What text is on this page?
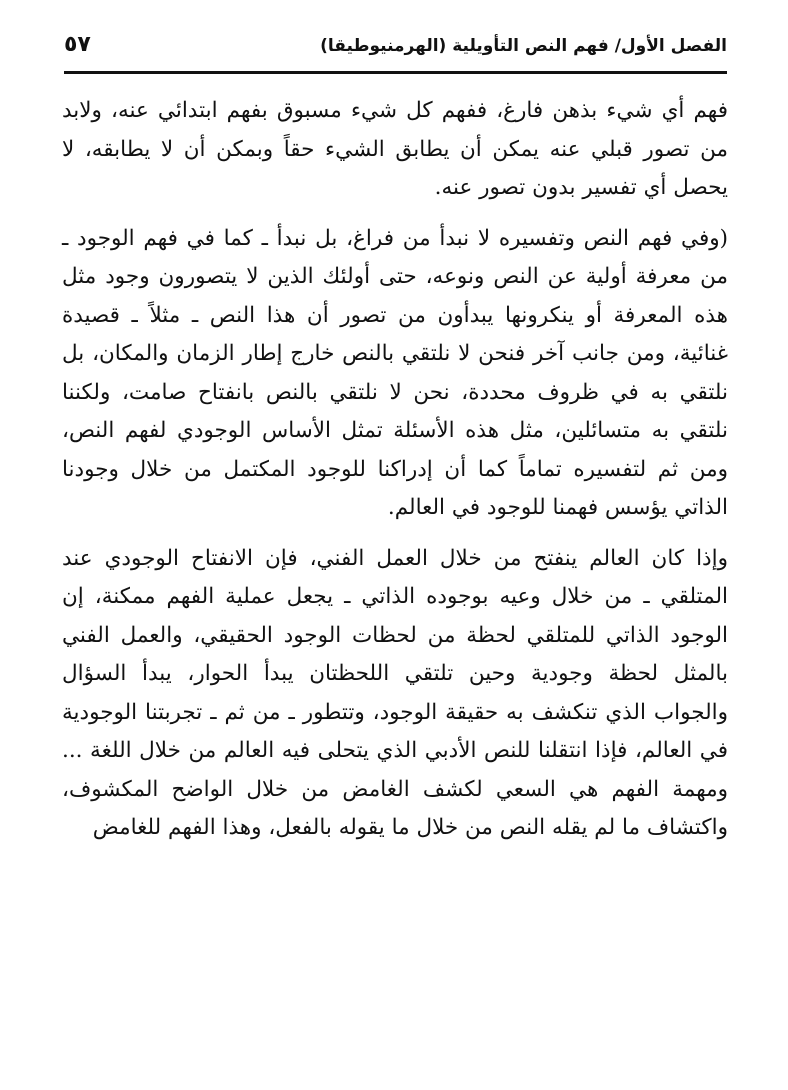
الفصل الأول/ فهم النص التأويلية (الهرمنيوطيقا)
٥٧

فهم أي شيء بذهن فارغ، ففهم كل شيء مسبوق بفهم ابتدائي عنه، ولابد من تصور قبلي عنه يمكن أن يطابق الشيء حقاً وبمكن أن لا يطابقه، لا يحصل أي تفسير بدون تصور عنه.

(وفي فهم النص وتفسيره لا نبدأ من فراغ، بل نبدأ ـ كما في فهم الوجود ـ من معرفة أولية عن النص ونوعه، حتى أولئك الذين لا يتصورون وجود مثل هذه المعرفة أو ينكرونها يبدأون من تصور أن هذا النص ـ مثلاً ـ قصيدة غنائية، ومن جانب آخر فنحن لا نلتقي بالنص خارج إطار الزمان والمكان، بل نلتقي به في ظروف محددة، نحن لا نلتقي بالنص بانفتاح صامت، ولكننا نلتقي به متسائلين، مثل هذه الأسئلة تمثل الأساس الوجودي لفهم النص، ومن ثم لتفسيره تماماً كما أن إدراكنا للوجود المكتمل من خلال وجودنا الذاتي يؤسس فهمنا للوجود في العالم.

وإذا كان العالم ينفتح من خلال العمل الفني، فإن الانفتاح الوجودي عند المتلقي ـ من خلال وعيه بوجوده الذاتي ـ يجعل عملية الفهم ممكنة، إن الوجود الذاتي للمتلقي لحظة من لحظات الوجود الحقيقي، والعمل الفني بالمثل لحظة وجودية وحين تلتقي اللحظتان يبدأ الحوار، يبدأ السؤال والجواب الذي تنكشف به حقيقة الوجود، وتتطور ـ من ثم ـ تجربتنا الوجودية في العالم، فإذا انتقلنا للنص الأدبي الذي يتحلى فيه العالم من خلال اللغة ... ومهمة الفهم هي السعي لكشف الغامض من خلال الواضح المكشوف، واكتشاف ما لم يقله النص من خلال ما يقوله بالفعل، وهذا الفهم للغامض
